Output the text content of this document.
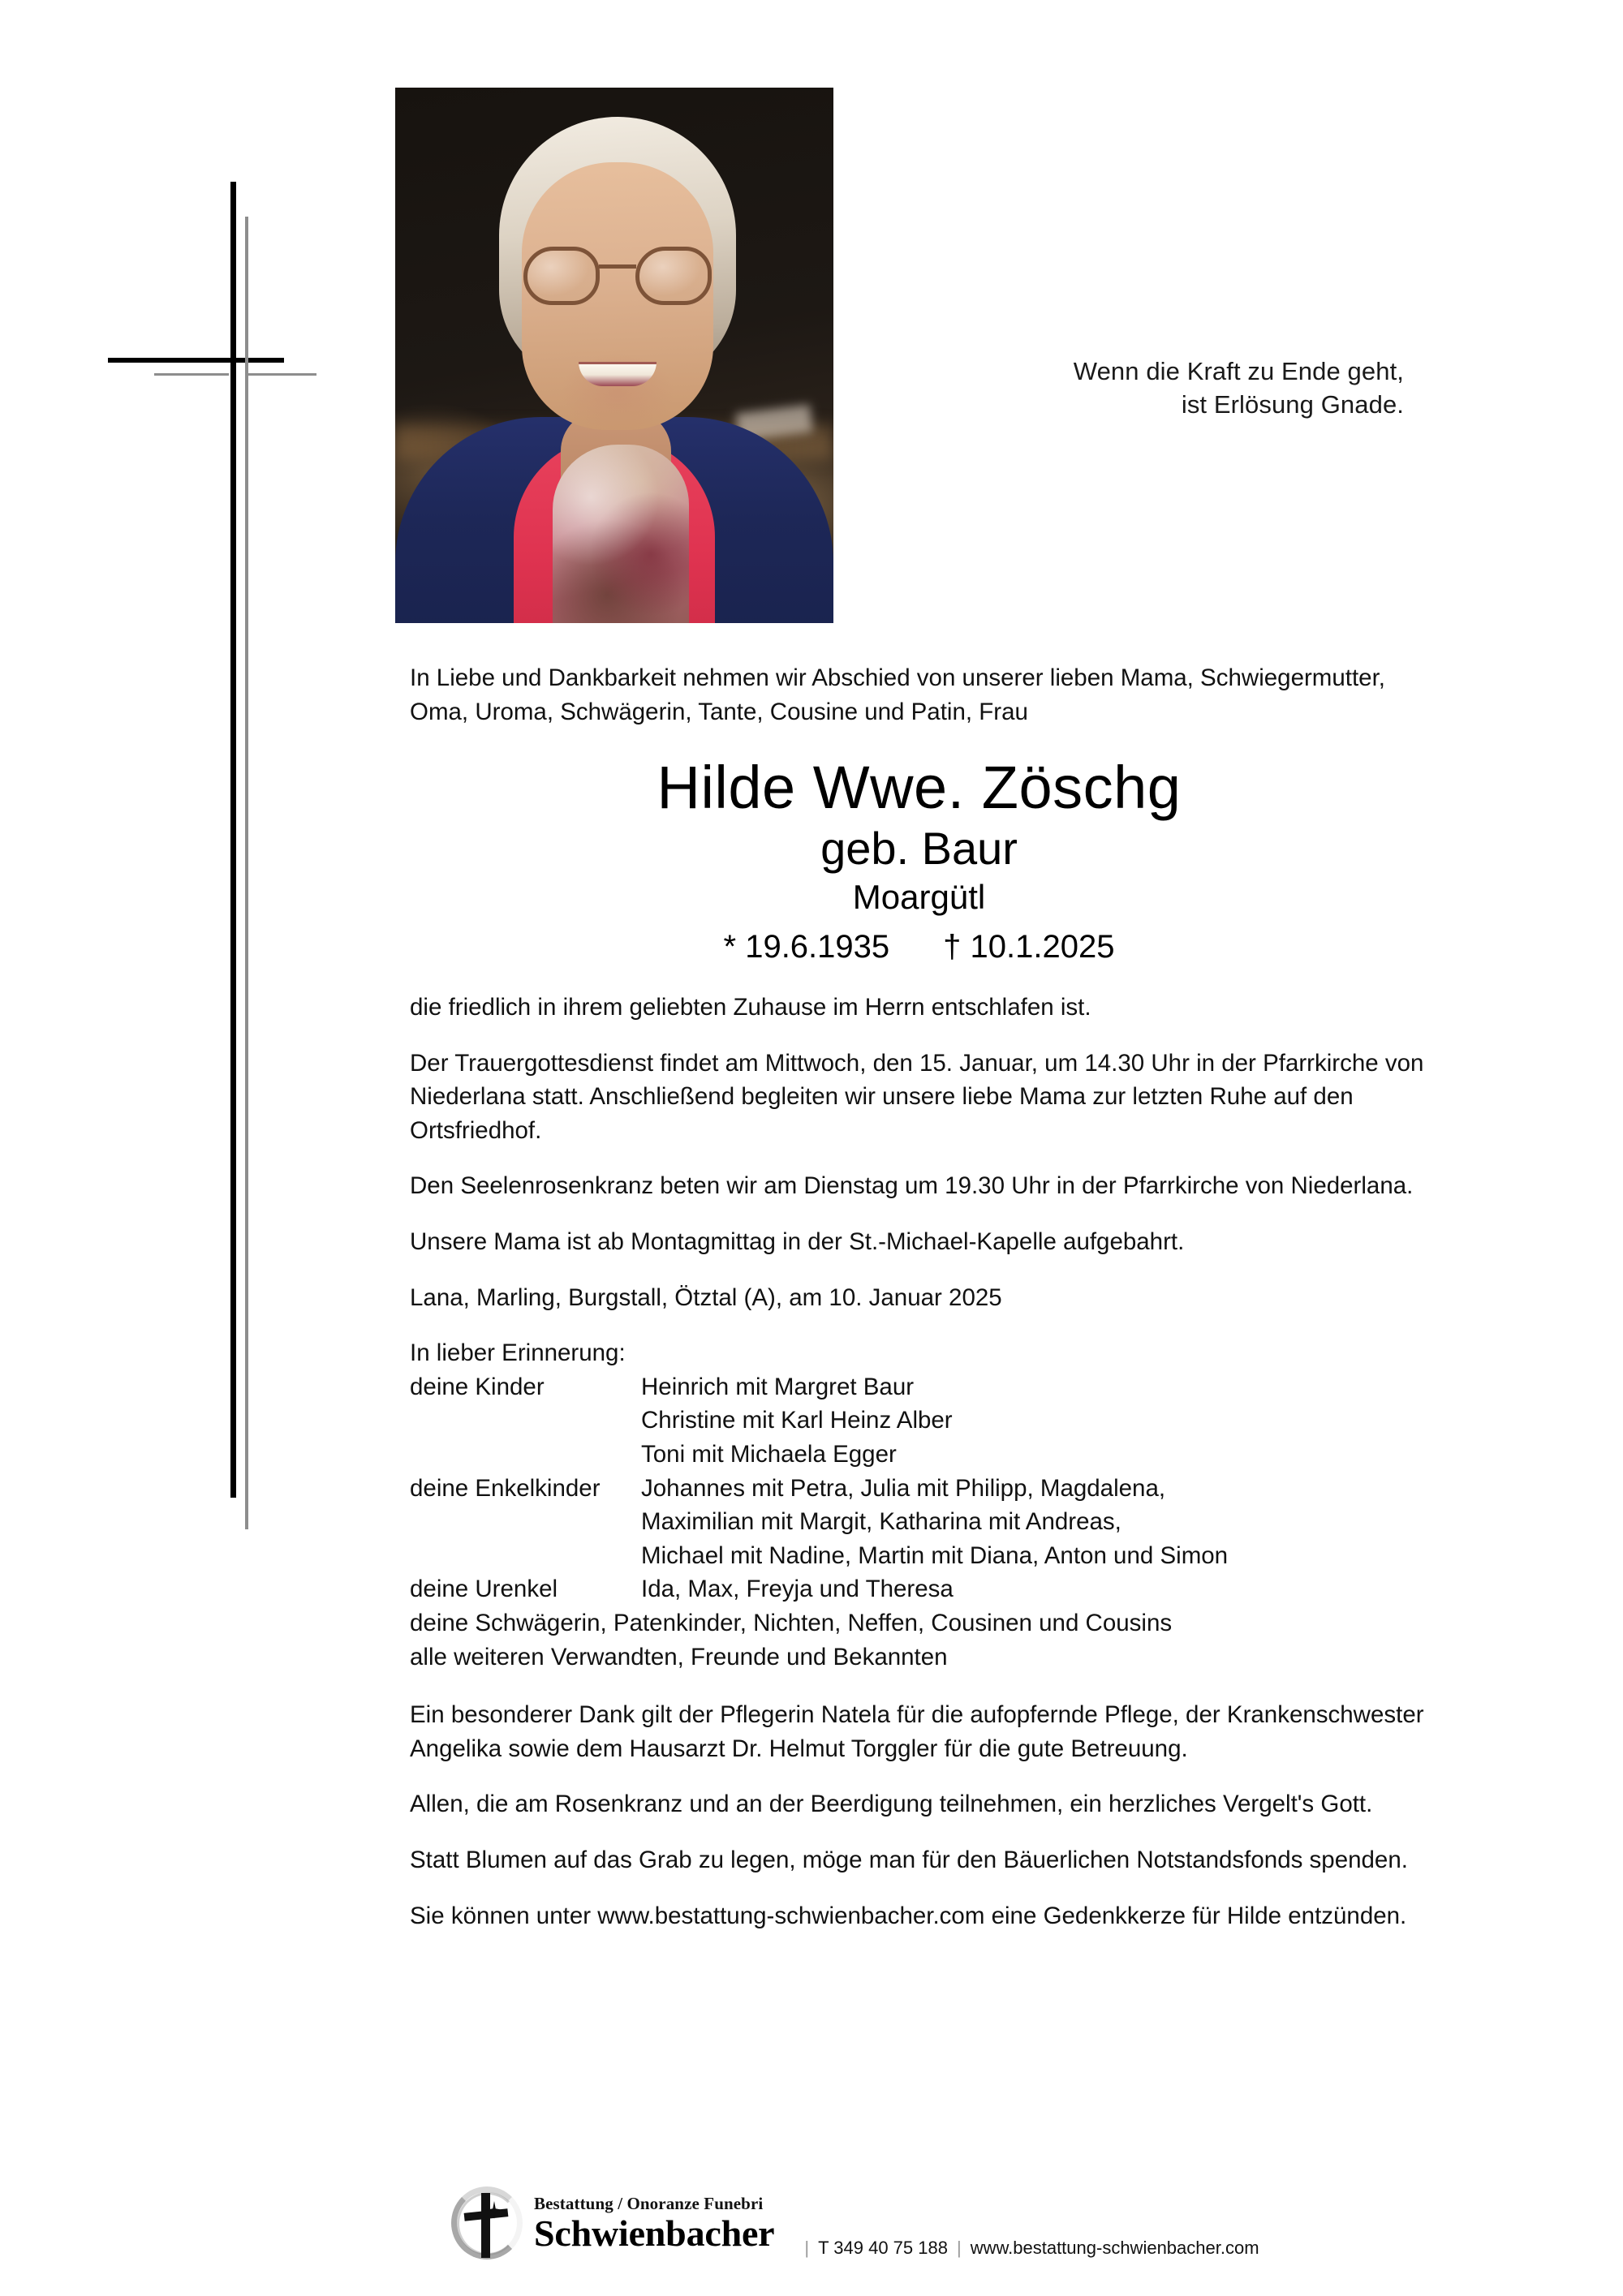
Wenn die Kraft zu Ende geht,
ist Erlösung Gnade.

In Liebe und Dankbarkeit nehmen wir Abschied von unserer lieben Mama, Schwiegermutter, Oma, Uroma, Schwägerin, Tante, Cousine und Patin, Frau

Hilde Wwe. Zöschg
geb. Baur
Moargütl
* 19.6.1935 † 10.1.2025

die friedlich in ihrem geliebten Zuhause im Herrn entschlafen ist.

Der Trauergottesdienst findet am Mittwoch, den 15. Januar, um 14.30 Uhr in der Pfarrkirche von Niederlana statt. Anschließend begleiten wir unsere liebe Mama zur letzten Ruhe auf den Ortsfriedhof.

Den Seelenrosenkranz beten wir am Dienstag um 19.30 Uhr in der Pfarrkirche von Niederlana.

Unsere Mama ist ab Montagmittag in der St.-Michael-Kapelle aufgebahrt.

Lana, Marling, Burgstall, Ötztal (A), am 10. Januar 2025

In lieber Erinnerung:
deine Kinder	Heinrich mit Margret Baur
Christine mit Karl Heinz Alber
Toni mit Michaela Egger
deine Enkelkinder	Johannes mit Petra, Julia mit Philipp, Magdalena,
Maximilian mit Margit, Katharina mit Andreas,
Michael mit Nadine, Martin mit Diana, Anton und Simon
deine Urenkel	Ida, Max, Freyja und Theresa
deine Schwägerin, Patenkinder, Nichten, Neffen, Cousinen und Cousins
alle weiteren Verwandten, Freunde und Bekannten

Ein besonderer Dank gilt der Pflegerin Natela für die aufopfernde Pflege, der Krankenschwester Angelika sowie dem Hausarzt Dr. Helmut Torggler für die gute Betreuung.

Allen, die am Rosenkranz und an der Beerdigung teilnehmen, ein herzliches Vergelt's Gott.

Statt Blumen auf das Grab zu legen, möge man für den Bäuerlichen Notstandsfonds spenden.

Sie können unter www.bestattung-schwienbacher.com eine Gedenkkerze für Hilde entzünden.

Bestattung / Onoranze Funebri
Schwienbacher	| T 349 40 75 188 | www.bestattung-schwienbacher.com
